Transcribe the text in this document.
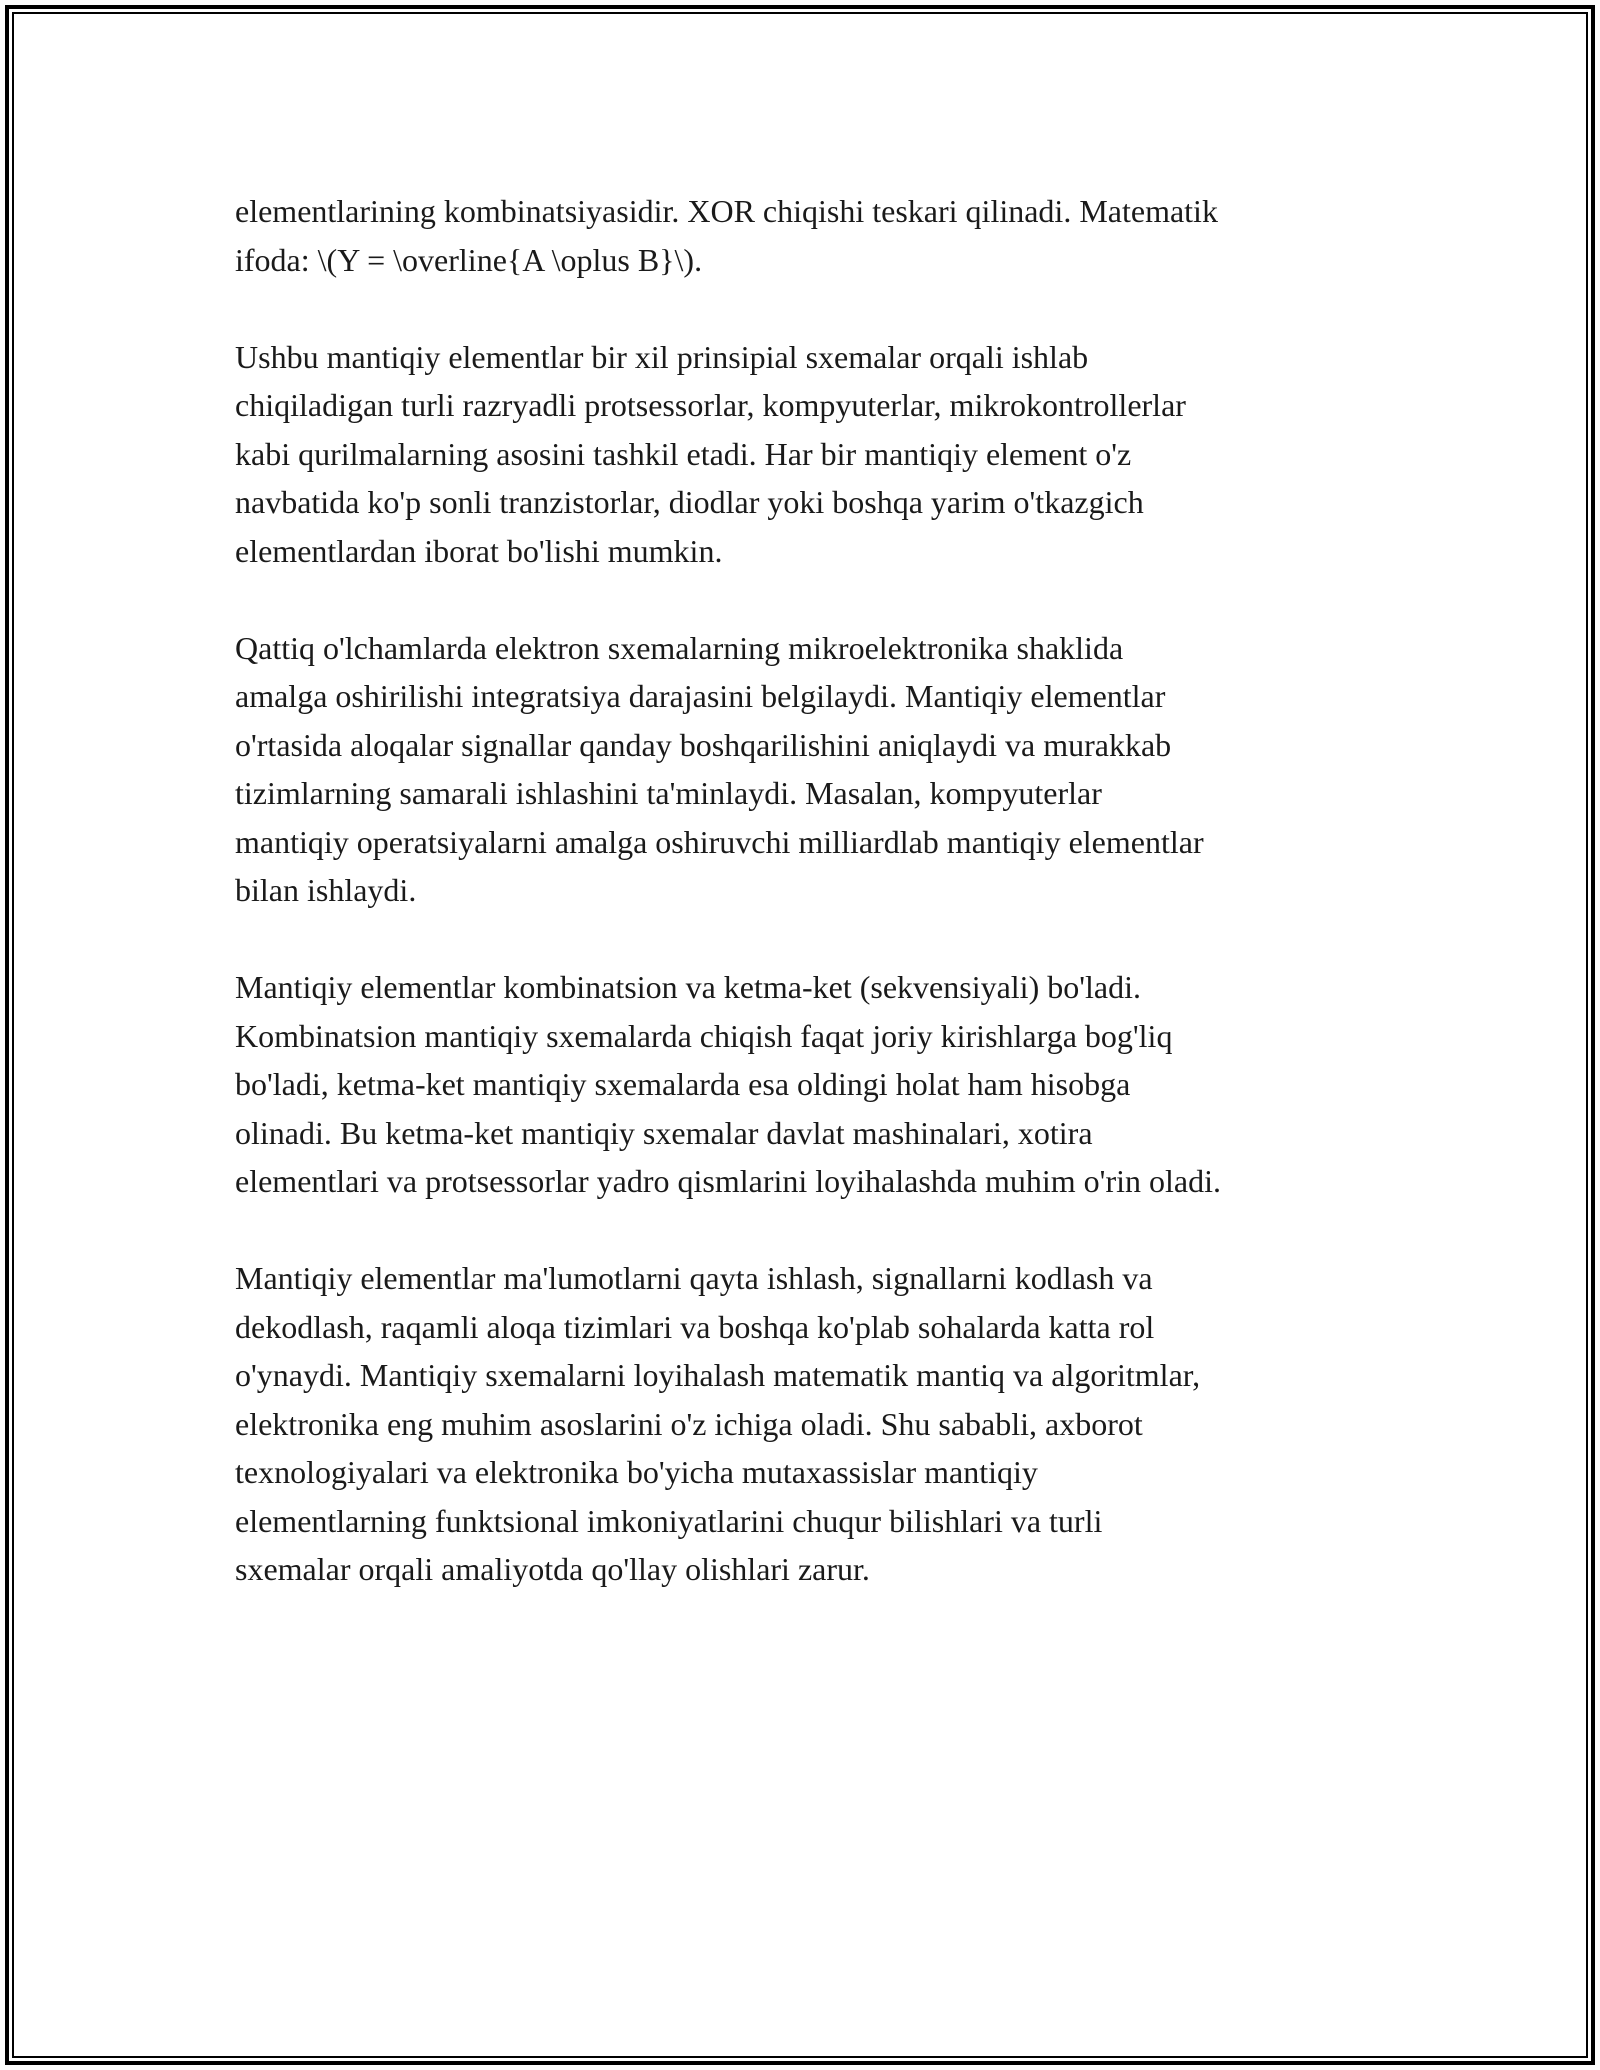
elementlarining kombinatsiyasidir. XOR chiqishi teskari qilinadi. Matematik
ifoda: \(Y = \overline{A \oplus B}\).

Ushbu mantiqiy elementlar bir xil prinsipial sxemalar orqali ishlab
chiqiladigan turli razryadli protsessorlar, kompyuterlar, mikrokontrollerlar
kabi qurilmalarning asosini tashkil etadi. Har bir mantiqiy element o'z
navbatida ko'p sonli tranzistorlar, diodlar yoki boshqa yarim o'tkazgich
elementlardan iborat bo'lishi mumkin.

Qattiq o'lchamlarda elektron sxemalarning mikroelektronika shaklida
amalga oshirilishi integratsiya darajasini belgilaydi. Mantiqiy elementlar
o'rtasida aloqalar signallar qanday boshqarilishini aniqlaydi va murakkab
tizimlarning samarali ishlashini ta'minlaydi. Masalan, kompyuterlar
mantiqiy operatsiyalarni amalga oshiruvchi milliardlab mantiqiy elementlar
bilan ishlaydi.

Mantiqiy elementlar kombinatsion va ketma-ket (sekvensiyali) bo'ladi.
Kombinatsion mantiqiy sxemalarda chiqish faqat joriy kirishlarga bog'liq
bo'ladi, ketma-ket mantiqiy sxemalarda esa oldingi holat ham hisobga
olinadi. Bu ketma-ket mantiqiy sxemalar davlat mashinalari, xotira
elementlari va protsessorlar yadro qismlarini loyihalashda muhim o'rin oladi.

Mantiqiy elementlar ma'lumotlarni qayta ishlash, signallarni kodlash va
dekodlash, raqamli aloqa tizimlari va boshqa ko'plab sohalarda katta rol
o'ynaydi. Mantiqiy sxemalarni loyihalash matematik mantiq va algoritmlar,
elektronika eng muhim asoslarini o'z ichiga oladi. Shu sababli, axborot
texnologiyalari va elektronika bo'yicha mutaxassislar mantiqiy
elementlarning funktsional imkoniyatlarini chuqur bilishlari va turli
sxemalar orqali amaliyotda qo'llay olishlari zarur.
